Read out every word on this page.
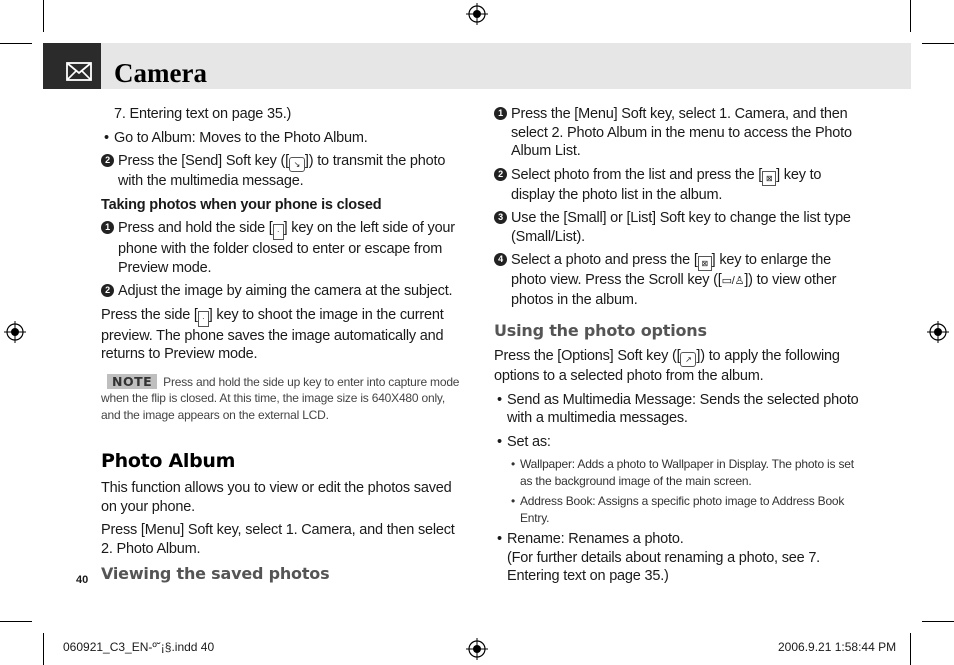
Camera

7. Entering text on page 35.)

• Go to Album: Moves to the Photo Album.
2 Press the [Send] Soft key ([ ↘ ]) to transmit the photo with the multimedia message.

Taking photos when your phone is closed

1 Press and hold the side [ · ] key on the left side of your phone with the folder closed to enter or escape from Preview mode.
2 Adjust the image by aiming the camera at the subject.

Press the side [ · ] key to shoot the image in the current preview. The phone saves the image automatically and returns to Preview mode.

NOTE Press and hold the side up key to enter into capture mode when the flip is closed. At this time, the image size is 640X480 only, and the image appears on the external LCD.
Photo Album

This function allows you to view or edit the photos saved on your phone.

Press [Menu] Soft key, select 1. Camera, and then select 2. Photo Album.

40 Viewing the saved photos
1 Press the [Menu] Soft key, select 1. Camera, and then select 2. Photo Album in the menu to access the Photo Album List.
2 Select photo from the list and press the [ ⊠ ] key to display the photo list in the album.
3 Use the [Small] or [List] Soft key to change the list type (Small/List).
4 Select a photo and press the [ ⊠ ] key to enlarge the photo view. Press the Scroll key ([▭/♙]) to view other photos in the album.
Using the photo options

Press the [Options] Soft key ([ ↗ ]) to apply the following options to a selected photo from the album.

• Send as Multimedia Message: Sends the selected photo with a multimedia messages.
• Set as:
• Wallpaper: Adds a photo to Wallpaper in Display. The photo is set as the background image of the main screen.
• Address Book: Assigns a specific photo image to Address Book Entry.
• Rename: Renames a photo.
(For further details about renaming a photo, see 7. Entering text on page 35.)
060921_C3_EN-º˘¡§.indd 40	2006.9.21 1:58:44 PM
